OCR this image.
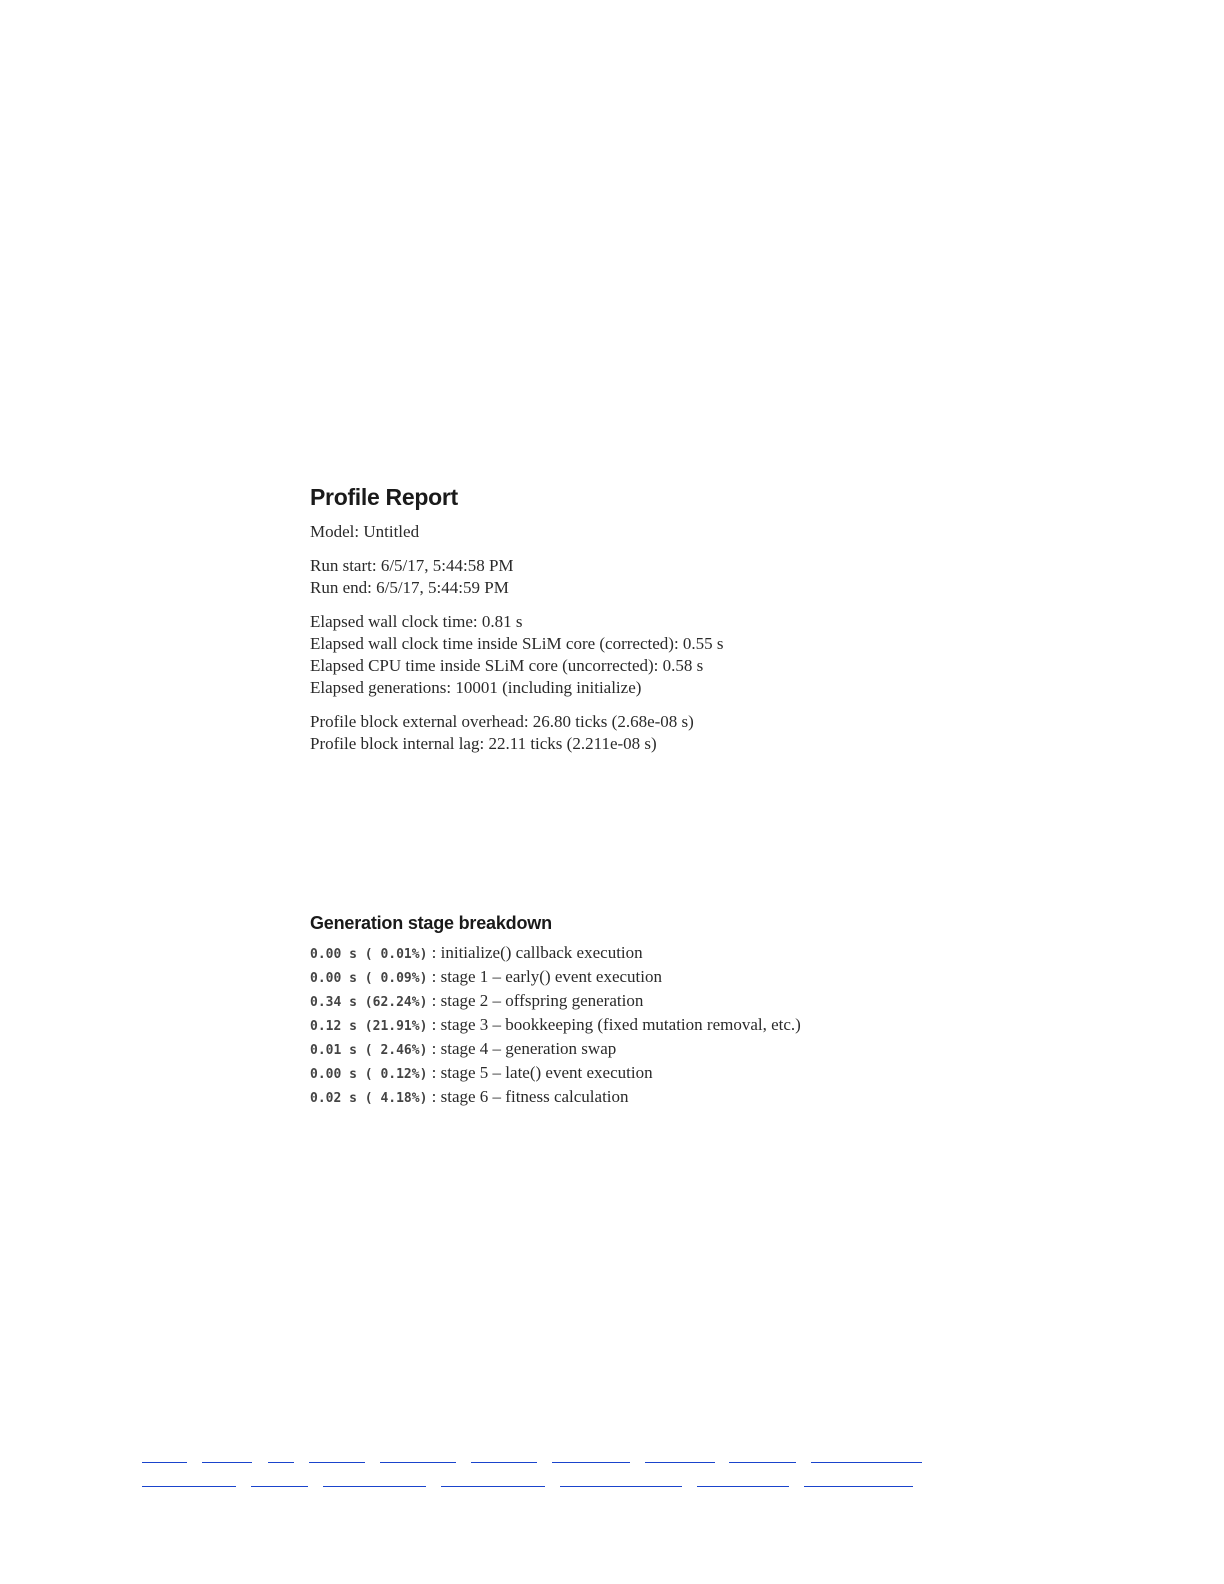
Profile Report
Model: Untitled
Run start: 6/5/17, 5:44:58 PM
Run end: 6/5/17, 5:44:59 PM
Elapsed wall clock time: 0.81 s
Elapsed wall clock time inside SLiM core (corrected): 0.55 s
Elapsed CPU time inside SLiM core (uncorrected): 0.58 s
Elapsed generations: 10001 (including initialize)
Profile block external overhead: 26.80 ticks (2.68e-08 s)
Profile block internal lag: 22.11 ticks (2.211e-08 s)
Generation stage breakdown
0.00 s ( 0.01%) : initialize() callback execution
0.00 s ( 0.09%) : stage 1 – early() event execution
0.34 s (62.24%) : stage 2 – offspring generation
0.12 s (21.91%) : stage 3 – bookkeeping (fixed mutation removal, etc.)
0.01 s ( 2.46%) : stage 4 – generation swap
0.00 s ( 0.12%) : stage 5 – late() event execution
0.02 s ( 4.18%) : stage 6 – fitness calculation
